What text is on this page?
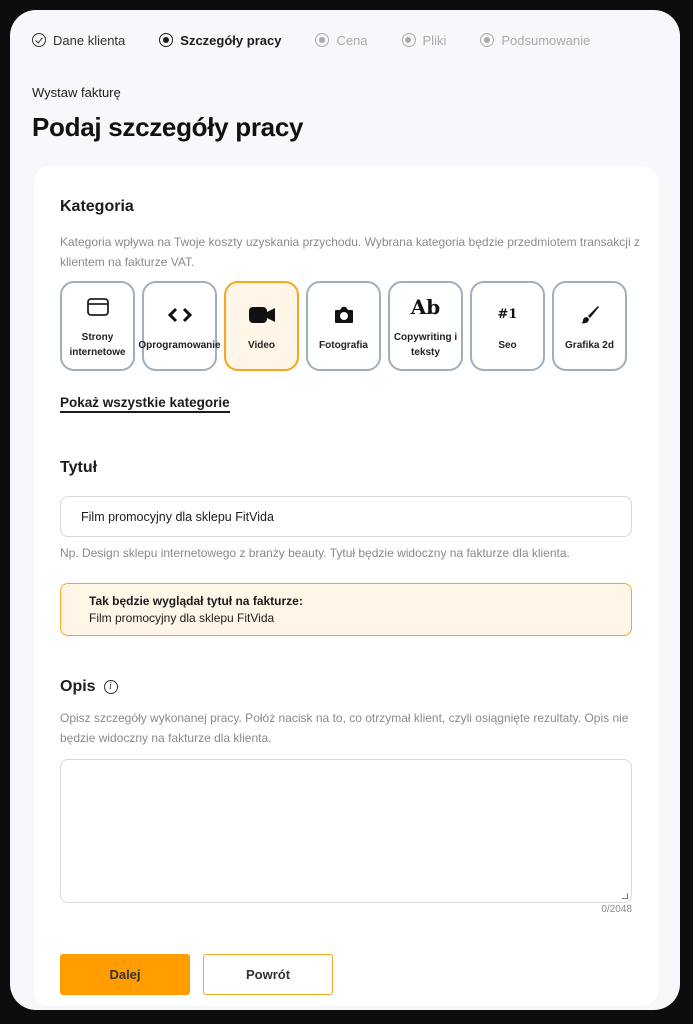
Dane klienta	Szczegóły pracy	Cena	Pliki	Podsumowanie
Wystaw fakturę
Podaj szczegóły pracy
Kategoria
Kategoria wpływa na Twoje koszty uzyskania przychodu. Wybrana kategoria będzie przedmiotem transakcji z klientem na fakturze VAT.
Strony internetowe
Oprogramowanie	Video	Fotografia
Ab
Copywriting i teksty
#1
Seo	Grafika 2d
Pokaż wszystkie kategorie
Tytuł
Film promocyjny dla sklepu FitVida
Np. Design sklepu internetowego z branży beauty. Tytuł będzie widoczny na fakturze dla klienta.
Tak będzie wyglądał tytuł na fakturze:
Film promocyjny dla sklepu FitVida
Opis i
Opisz szczegóły wykonanej pracy. Połóż nacisk na to, co otrzymał klient, czyli osiągnięte rezultaty. Opis nie będzie widoczny na fakturze dla klienta.
0/2048
Dalej	Powrót
